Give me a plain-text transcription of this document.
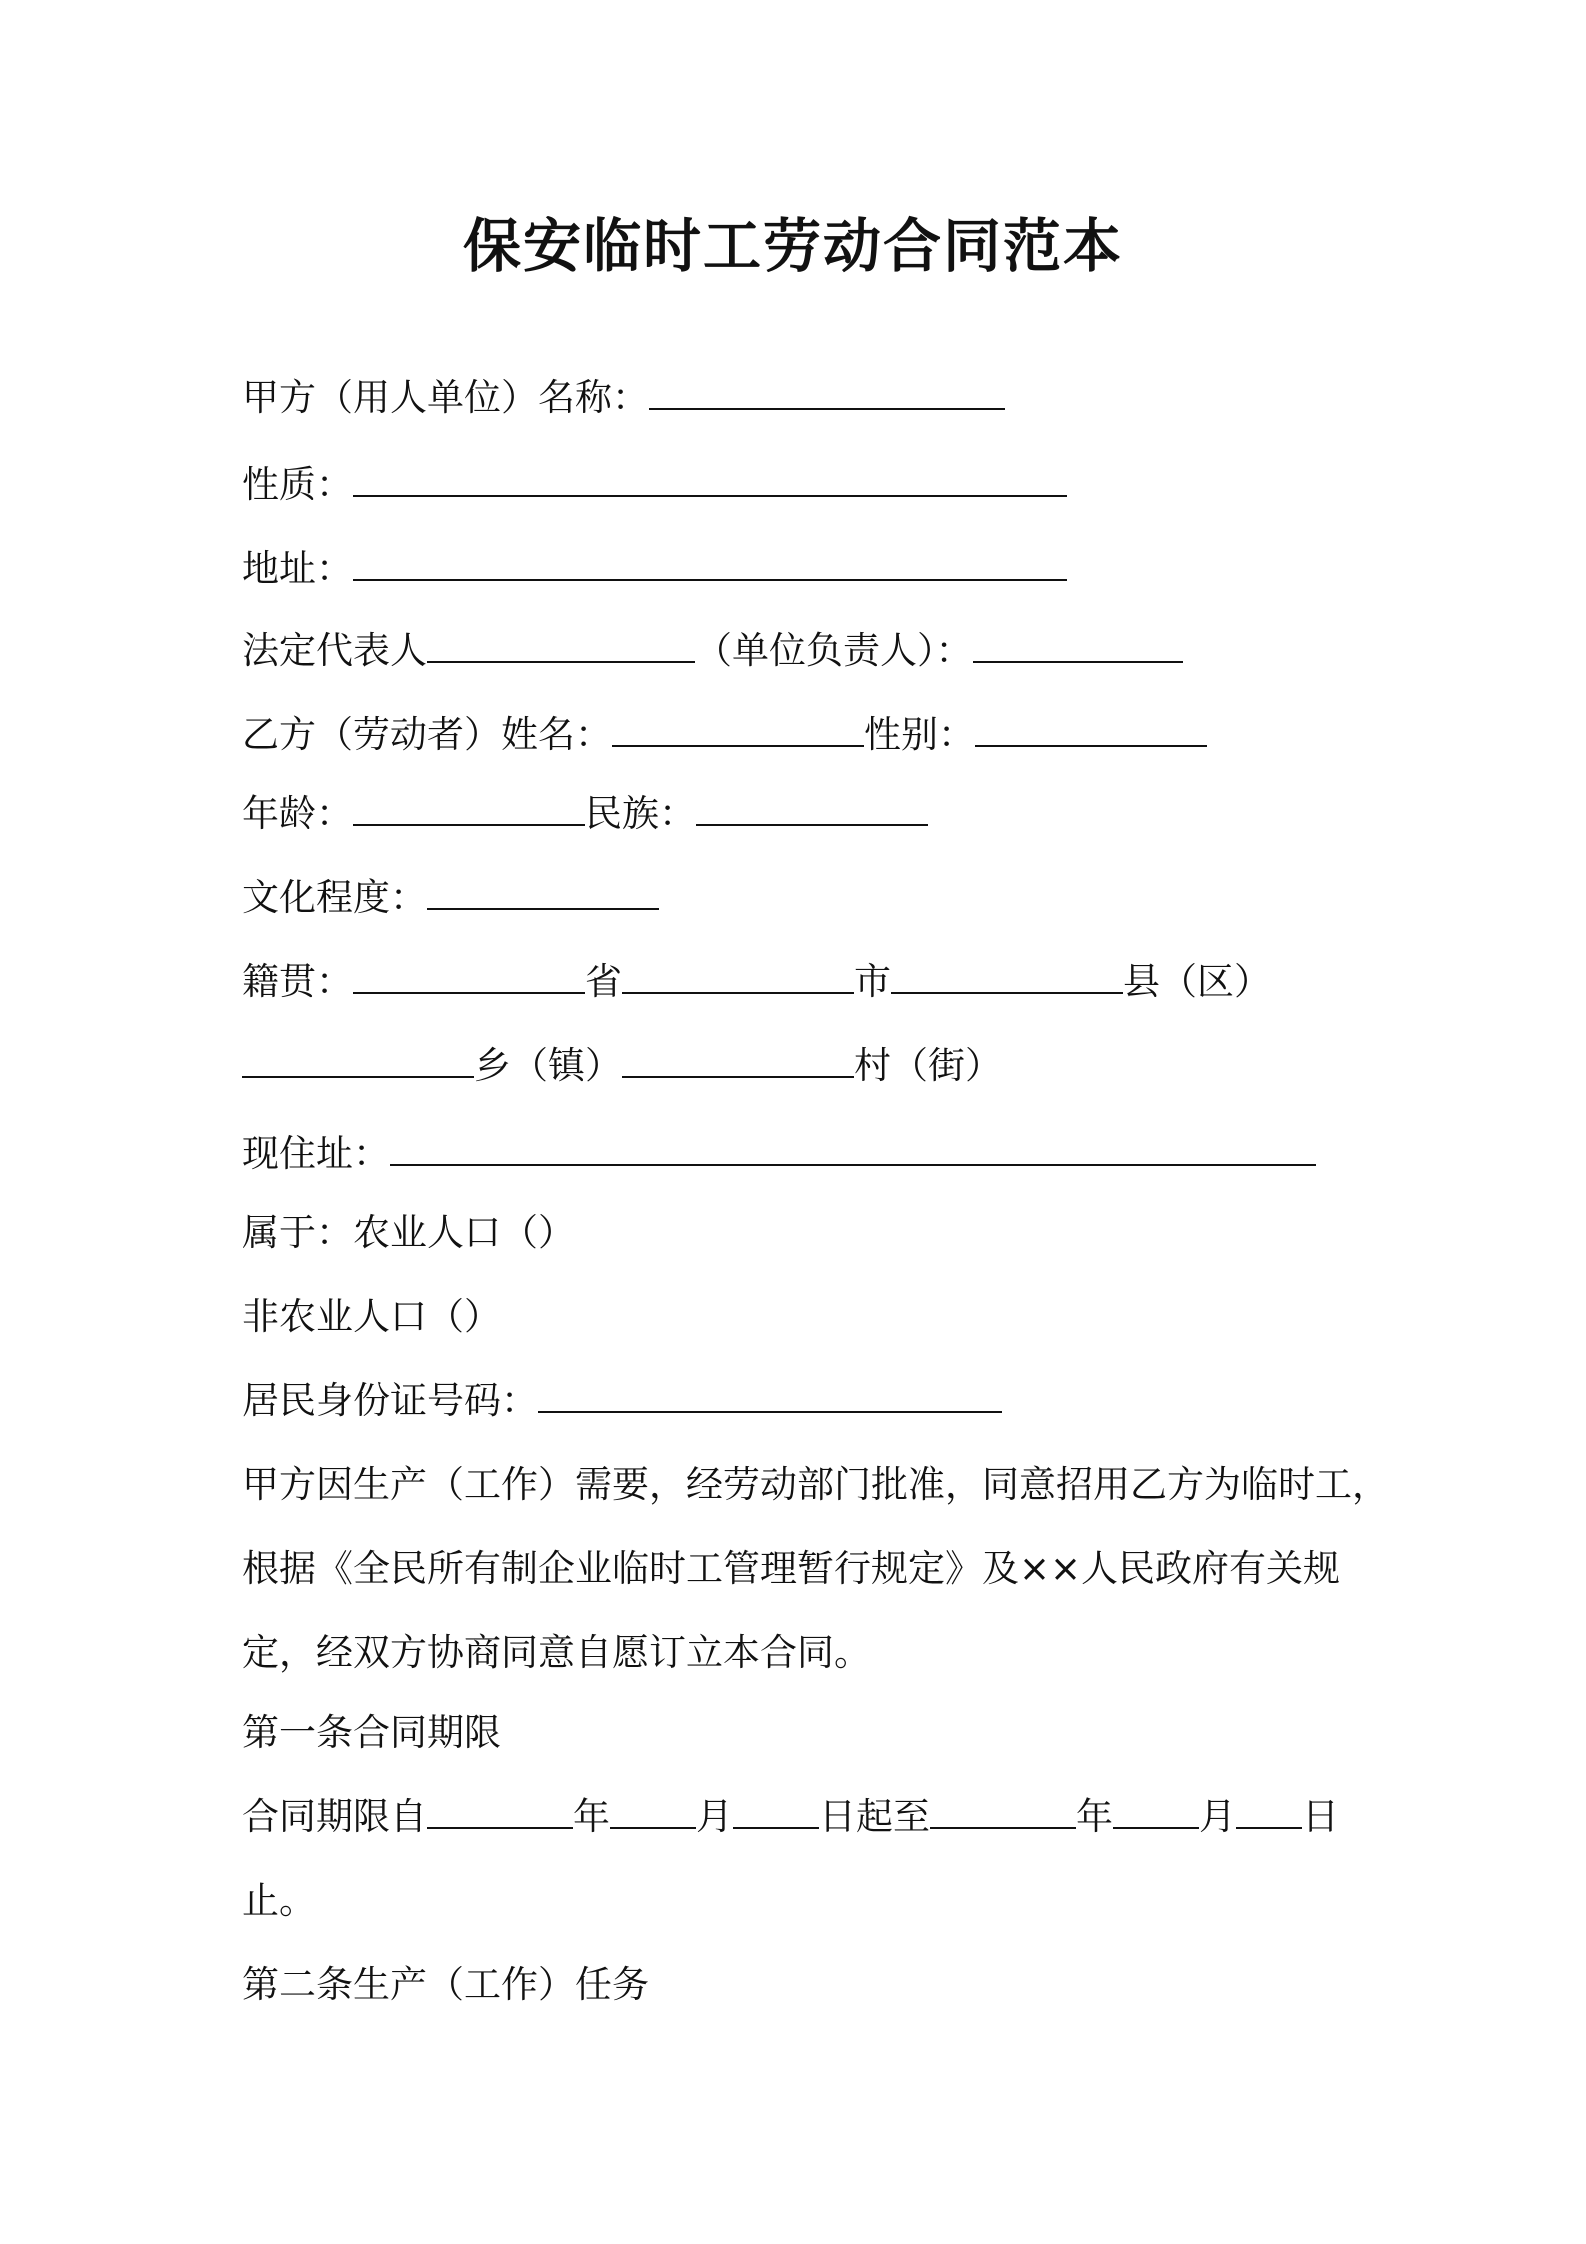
保安临时工劳动合同范本
甲方（用人单位）名称：
性质：
地址：
法定代表人	（单位负责人）：
乙方（劳动者）姓名：	性别：
年龄：	民族：
文化程度：
籍贯：	省	市	县（区）
乡（镇）	村（街）
现住址：
属于：农业人口（）
非农业人口（）
居民身份证号码：
甲方因生产（工作）需要，经劳动部门批准，同意招用乙方为临时工，
根据《全民所有制企业临时工管理暂行规定》及××人民政府有关规
定，经双方协商同意自愿订立本合同。
第一条合同期限
合同期限自	年 月 日起至	年 月 日
止。
第二条生产（工作）任务
